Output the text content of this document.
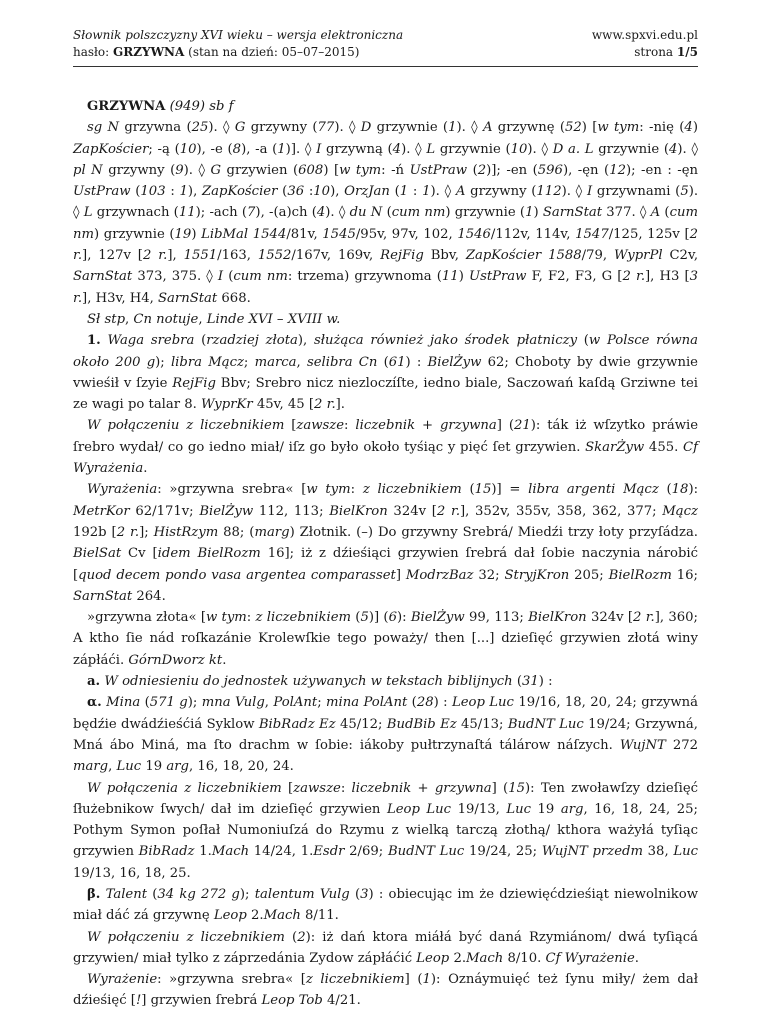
Słownik polszczyzny XVI wieku – wersja elektroniczna
hasło: GRZYWNA (stan na dzień: 05–07–2015)
www.spxvi.edu.pl
strona 1/5

GRZYWNA (949) sb f

sg N grzywna (25). ◊ G grzywny (77). ◊ D grzywnie (1). ◊ A grzywnę (52) [w tym: -nię (4) ZapKościer; -ą (10), -e (8), -a (1)]. ◊ I grzywną (4). ◊ L grzywnie (10). ◊ D a. L grzywnie (4). ◊ pl N grzywny (9). ◊ G grzywien (608) [w tym: -ń UstPraw (2)]; -en (596), -ęn (12); -en : -ęn UstPraw (103 : 1), ZapKościer (36 :10), OrzJan (1 : 1). ◊ A grzywny (112). ◊ I grzywnami (5). ◊ L grzywnach (11); -ach (7), -(a)ch (4). ◊ du N (cum nm) grzywnie (1) SarnStat 377. ◊ A (cum nm) grzywnie (19) LibMal 1544/81v, 1545/95v, 97v, 102, 1546/112v, 114v, 1547/125, 125v [2 r.], 127v [2 r.], 1551/163, 1552/167v, 169v, RejFig Bbv, ZapKościer 1588/79, WyprPl C2v, SarnStat 373, 375. ◊ I (cum nm: trzema) grzywnoma (11) UstPraw F, F2, F3, G [2 r.], H3 [3 r.], H3v, H4, SarnStat 668.

Sł stp, Cn notuje, Linde XVI – XVIII w.

1. Waga srebra (rzadziej złota), służąca również jako środek płatniczy (w Polsce równa około 200 g); libra Mącz; marca, selibra Cn (61) : BielŻyw 62; Choboty by dwie grzywnie vwieśił v ſzyie RejFig Bbv; Srebro nicz niezloczíſte, iedno biale, Saczowań kaſdą Grziwne tei ze wagi po talar 8. WyprKr 45v, 45 [2 r.].

W połączeniu z liczebnikiem [zawsze: liczebnik + grzywna] (21): ták iż wſzytko práwie ſrebro wydał/ co go iedno miał/ iſz go było około tyśiąc y pięć ſet grzywien. SkarŻyw 455. Cf Wyrażenia.

Wyrażenia: »grzywna srebra« [w tym: z liczebnikiem (15)] = libra argenti Mącz (18): MetrKor 62/171v; BielŻyw 112, 113; BielKron 324v [2 r.], 352v, 355v, 358, 362, 377; Mącz 192b [2 r.]; HistRzym 88; (marg) Złotnik. (–) Do grzywny Srebrá/ Miedźi trzy łoty przyſádza. BielSat Cv [idem BielRozm 16]; iż z dźieśiąci grzywien ſrebrá dał ſobie naczynia nárobić [quod decem pondo vasa argentea comparasset] ModrzBaz 32; StryjKron 205; BielRozm 16; SarnStat 264.

»grzywna złota« [w tym: z liczebnikiem (5)] (6): BielŻyw 99, 113; BielKron 324v [2 r.], 360; A ktho ſie nád roſkazánie Krolewſkie tego poważy/ then [...] dzieſięć grzywien złotá winy zápłáći. GórnDworz kt.

a. W odniesieniu do jednostek używanych w tekstach biblijnych (31) :

α. Mina (571 g); mna Vulg, PolAnt; mina PolAnt (28) : Leop Luc 19/16, 18, 20, 24; grzywná będźie dwádźieśćiá Syklow BibRadz Ez 45/12; BudBib Ez 45/13; BudNT Luc 19/24; Grzywná, Mná ábo Miná, ma ſto drachm w ſobie: iákoby pułtrzynaſtá tálárow náſzych. WujNT 272 marg, Luc 19 arg, 16, 18, 20, 24.

W połączenia z liczebnikiem [zawsze: liczebnik + grzywna] (15): Ten zwoławſzy dzieſięć ſłużebnikow ſwych/ dał im dzieſięć grzywien Leop Luc 19/13, Luc 19 arg, 16, 18, 24, 25; Pothym Symon poſłał Numoniuſzá do Rzymu z wielką tarczą złothą/ kthora ważyłá tyſiąc grzywien BibRadz 1.Mach 14/24, 1.Esdr 2/69; BudNT Luc 19/24, 25; WujNT przedm 38, Luc 19/13, 16, 18, 25.

β. Talent (34 kg 272 g); talentum Vulg (3) : obiecując im że dziewięćdzieśiąt niewolnikow miał dáć zá grzywnę Leop 2.Mach 8/11.

W połączeniu z liczebnikiem (2): iż dań ktora miáłá być daná Rzymiánom/ dwá tyſiącá grzywien/ miał tylko z záprzedánia Zydow zápłáćić Leop 2.Mach 8/10. Cf Wyrażenie.

Wyrażenie: »grzywna srebra« [z liczebnikiem] (1): Oznáymuięć też ſynu miły/ żem dał dźieśięć [!] grzywien ſrebrá Leop Tob 4/21.
